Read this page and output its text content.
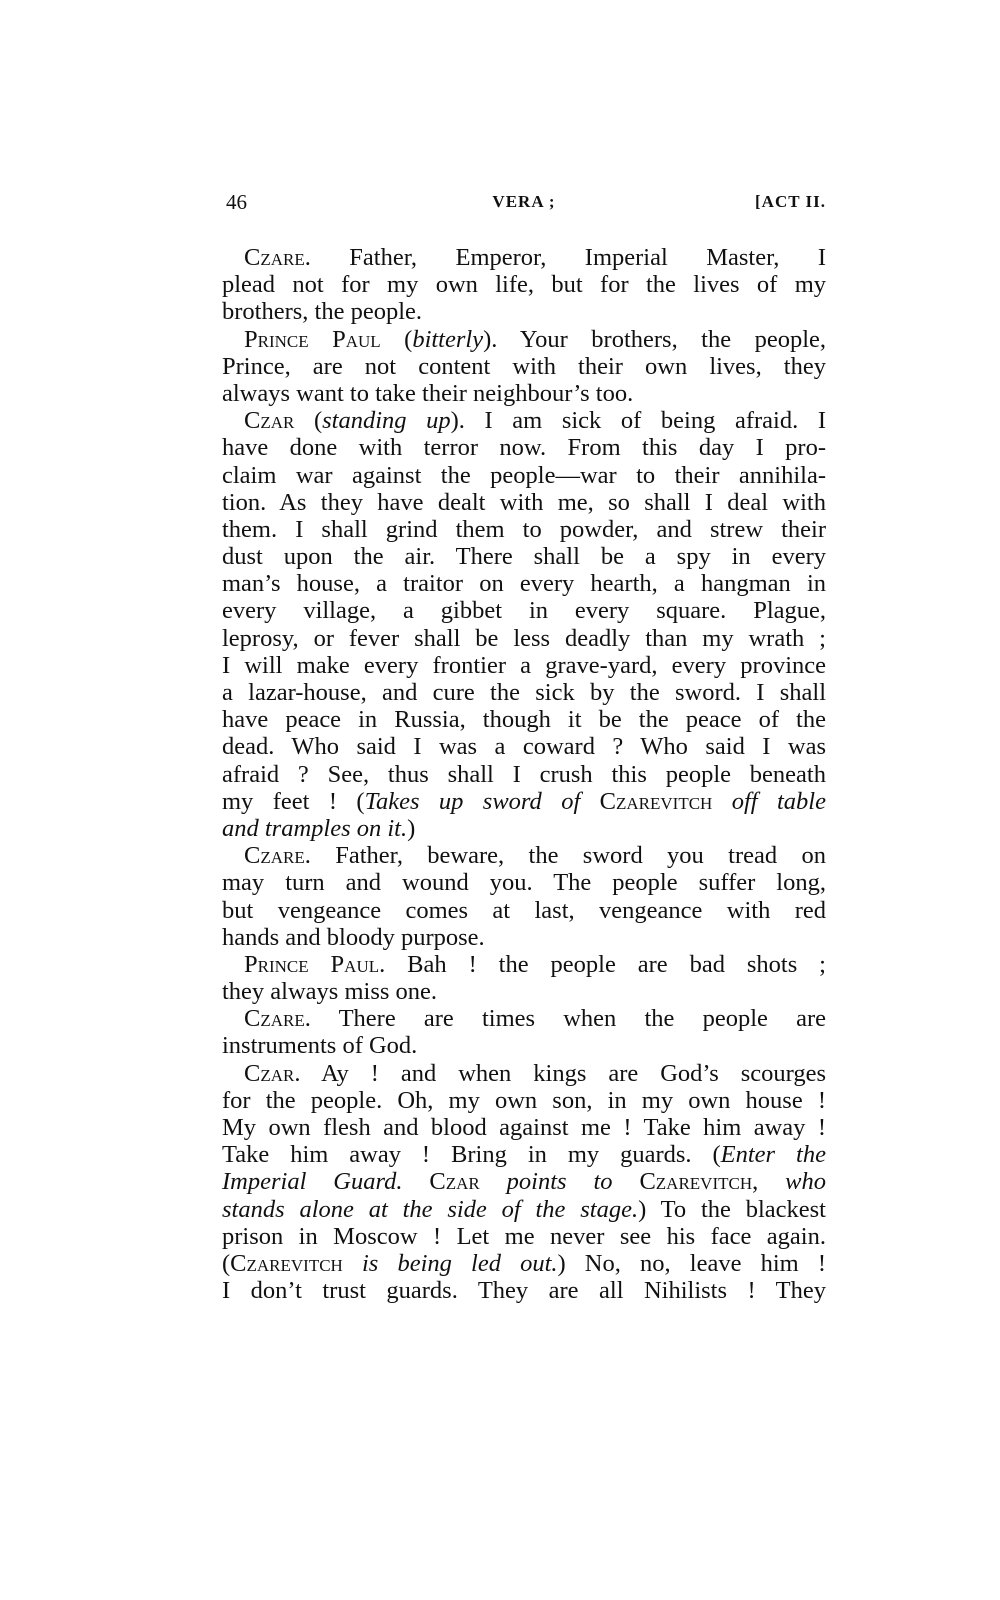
46	VERA ;	[ACT II.
Czare. Father, Emperor, Imperial Master, I
plead not for my own life, but for the lives of my
brothers, the people.
Prince Paul (bitterly). Your brothers, the people,
Prince, are not content with their own lives, they
always want to take their neighbour’s too.
Czar (standing up). I am sick of being afraid. I
have done with terror now. From this day I pro-
claim war against the people—war to their annihila-
tion. As they have dealt with me, so shall I deal with
them. I shall grind them to powder, and strew their
dust upon the air. There shall be a spy in every
man’s house, a traitor on every hearth, a hangman in
every village, a gibbet in every square. Plague,
leprosy, or fever shall be less deadly than my wrath ;
I will make every frontier a grave-yard, every province
a lazar-house, and cure the sick by the sword. I shall
have peace in Russia, though it be the peace of the
dead. Who said I was a coward ? Who said I was
afraid ? See, thus shall I crush this people beneath
my feet ! (Takes up sword of Czarevitch off table
and tramples on it.)
Czare. Father, beware, the sword you tread on
may turn and wound you. The people suffer long,
but vengeance comes at last, vengeance with red
hands and bloody purpose.
Prince Paul. Bah ! the people are bad shots ;
they always miss one.
Czare. There are times when the people are
instruments of God.
Czar. Ay ! and when kings are God’s scourges
for the people. Oh, my own son, in my own house !
My own flesh and blood against me ! Take him away !
Take him away ! Bring in my guards. (Enter the
Imperial Guard. Czar points to Czarevitch, who
stands alone at the side of the stage.) To the blackest
prison in Moscow ! Let me never see his face again.
(Czarevitch is being led out.) No, no, leave him !
I don’t trust guards. They are all Nihilists ! They
